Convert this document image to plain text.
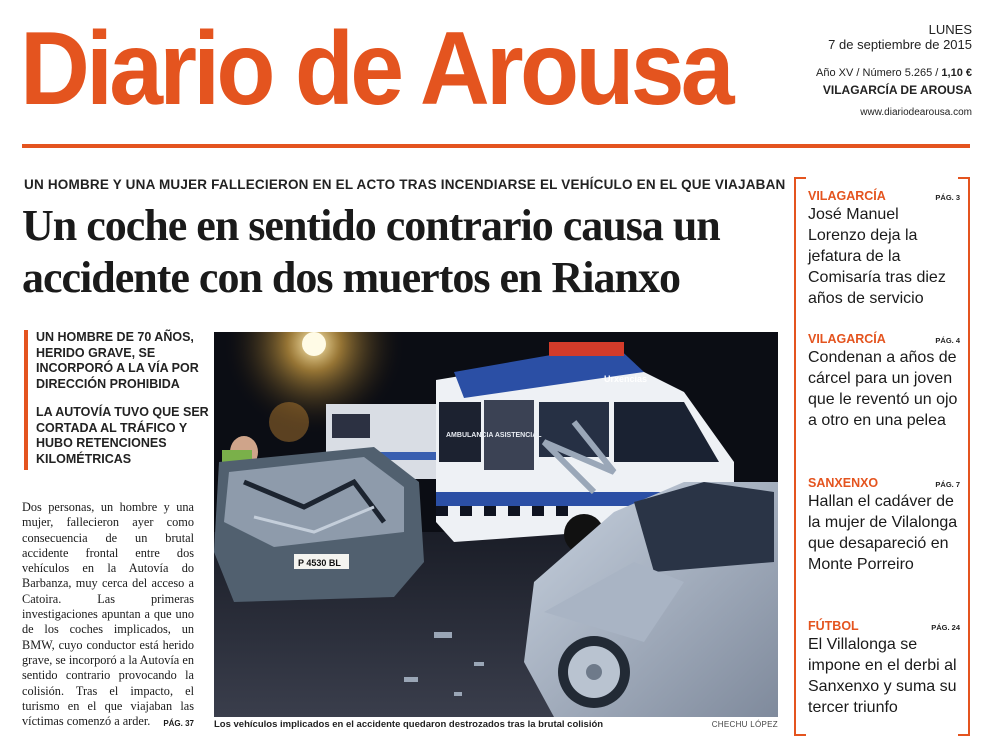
Diario de Arousa	LUNES
7 de septiembre de 2015
Año XV / Número 5.265 / 1,10 €
VILAGARCÍA DE AROUSA
www.diariodearousa.com
UN HOMBRE Y UNA MUJER FALLECIERON EN EL ACTO TRAS INCENDIARSE EL VEHÍCULO EN EL QUE VIAJABAN
Un coche en sentido contrario causa un
accidente con dos muertos en Rianxo
UN HOMBRE DE 70 AÑOS, HERIDO GRAVE, SE INCORPORÓ A LA VÍA POR DIRECCIÓN PROHIBIDA
LA AUTOVÍA TUVO QUE SER CORTADA AL TRÁFICO Y HUBO RETENCIONES KILOMÉTRICAS
Dos personas, un hombre y una mujer, fallecieron ayer como consecuencia de un brutal accidente frontal entre dos vehículos en la Autovía do Barbanza, muy cerca del acceso a Catoira. Las primeras investigaciones apuntan a que uno de los coches implicados, un BMW, cuyo conductor está herido grave, se incorporó a la Autovía en sentido contrario provocando la colisión. Tras el impacto, el turismo en el que viajaban las víctimas comenzó a arder. PÁG. 37
AMBULANCIA ASISTENCIAL
Urxencias
P 4530 BL
Los vehículos implicados en el accidente quedaron destrozados tras la brutal colisión	CHECHU LÓPEZ
VILAGARCÍA	PÁG. 3
José Manuel Lorenzo deja la jefatura de la Comisaría tras diez años de servicio
VILAGARCÍA	PÁG. 4
Condenan a años de cárcel para un joven que le reventó un ojo a otro en una pelea
SANXENXO	PÁG. 7
Hallan el cadáver de la mujer de Vilalonga que desapareció en Monte Porreiro
FÚTBOL	PÁG. 24
El Villalonga se impone en el derbi al Sanxenxo y suma su tercer triunfo
